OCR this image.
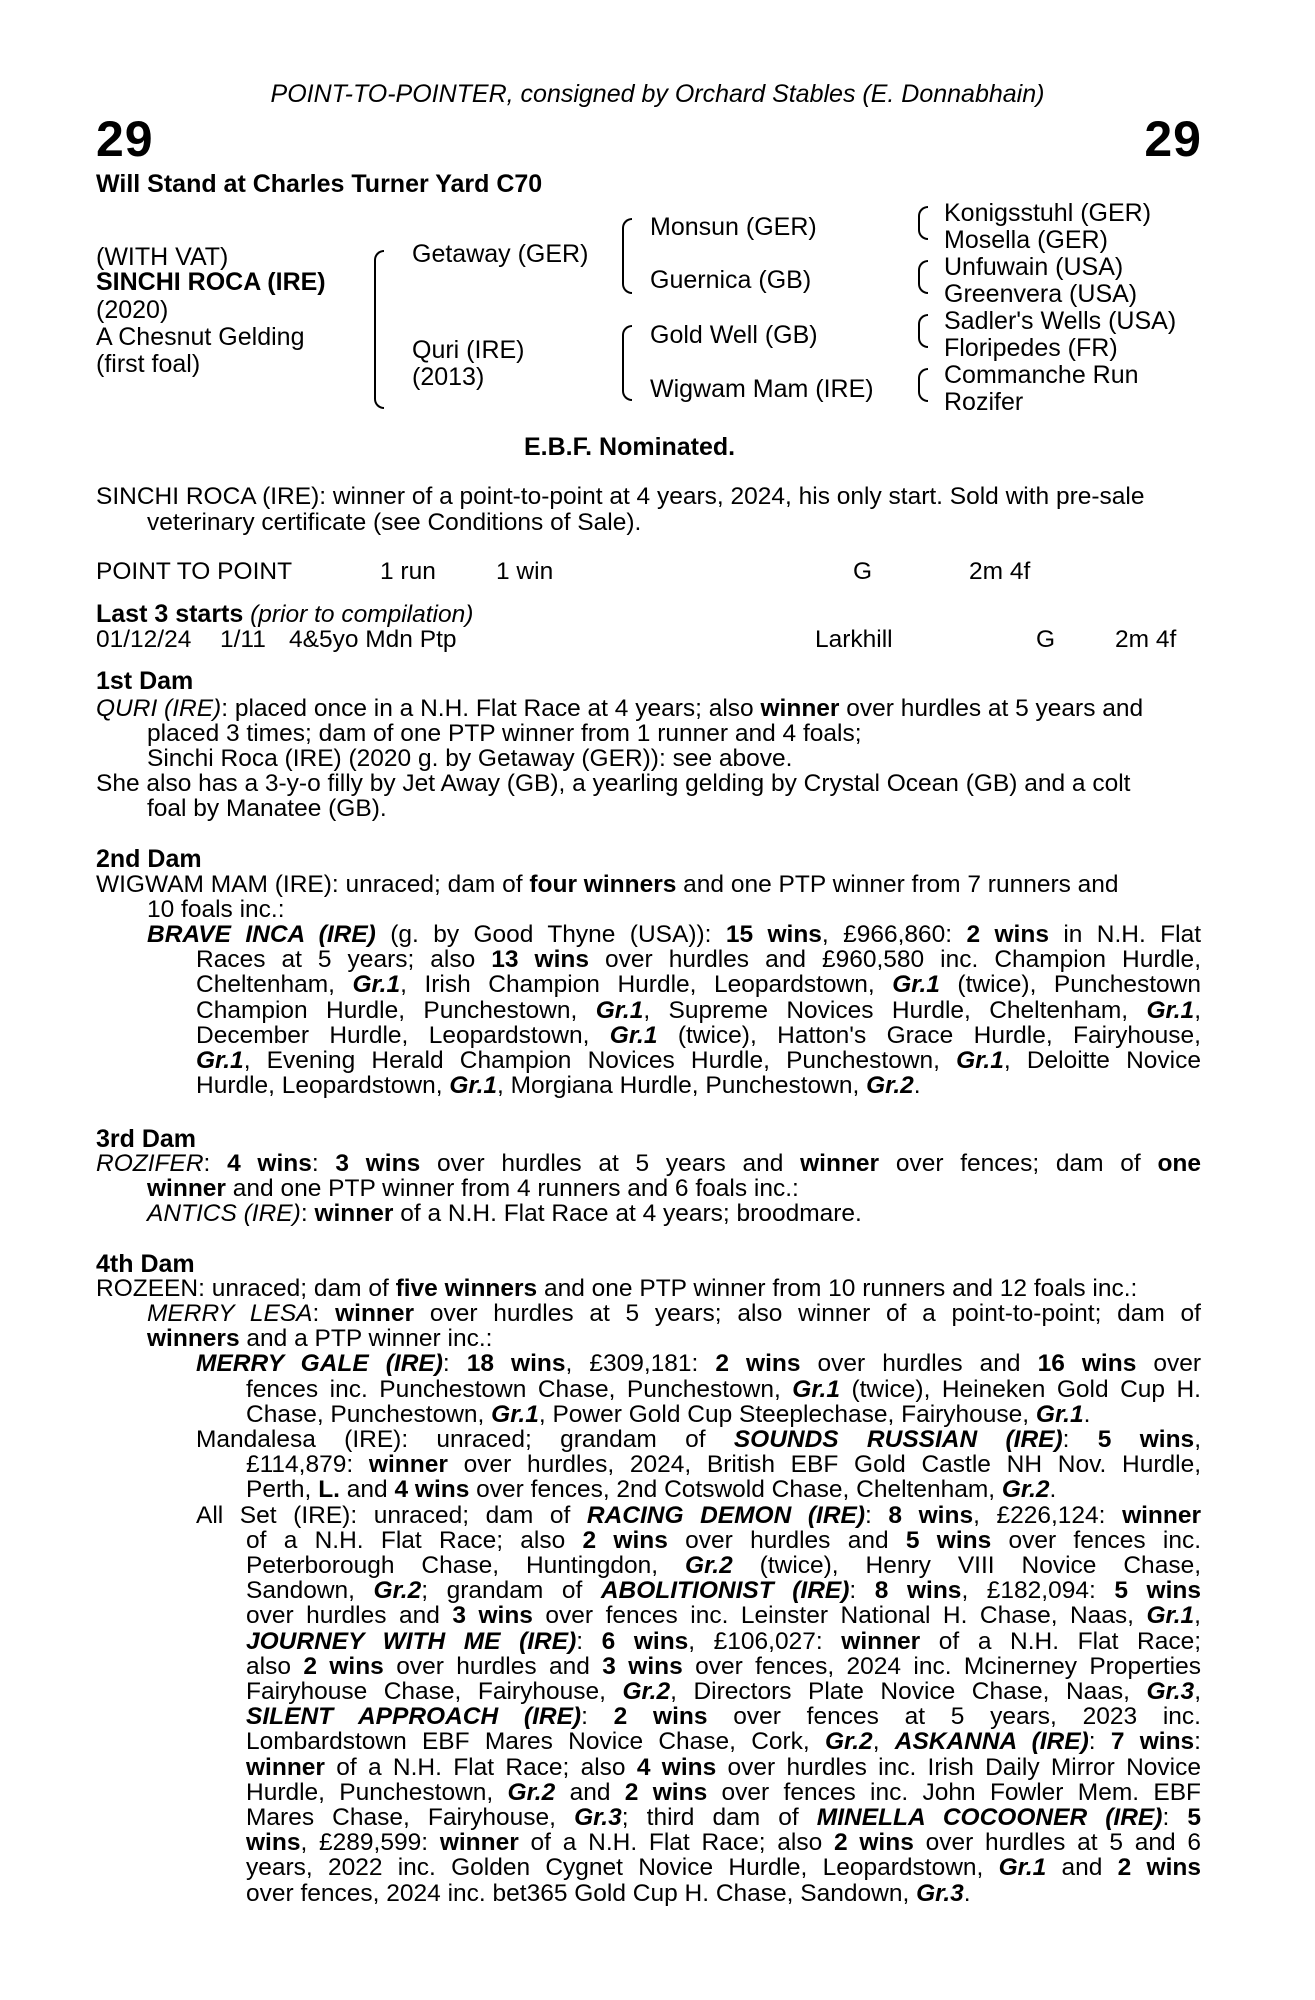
POINT-TO-POINTER, consigned by Orchard Stables (E. Donnabhain)
29	29
Will Stand at Charles Turner Yard C70
(WITH VAT)
SINCHI ROCA (IRE)
(2020)
A Chesnut Gelding
(first foal)
Getaway (GER)
Quri (IRE)
(2013)
Monsun (GER)
Guernica (GB)
Gold Well (GB)
Wigwam Mam (IRE)
Konigsstuhl (GER)
Mosella (GER)
Unfuwain (USA)
Greenvera (USA)
Sadler's Wells (USA)
Floripedes (FR)
Commanche Run
Rozifer
E.B.F. Nominated.
SINCHI ROCA (IRE): winner of a point-to-point at 4 years, 2024, his only start. Sold with pre-sale
veterinary certificate (see Conditions of Sale).
POINT TO POINT	1 run 1 win	G	2m 4f
Last 3 starts (prior to compilation)
01/12/24 1/11 4&5yo Mdn Ptp	Larkhill	G 2m 4f
1st Dam
QURI (IRE): placed once in a N.H. Flat Race at 4 years; also winner over hurdles at 5 years and
placed 3 times; dam of one PTP winner from 1 runner and 4 foals;
Sinchi Roca (IRE) (2020 g. by Getaway (GER)): see above.
She also has a 3-y-o filly by Jet Away (GB), a yearling gelding by Crystal Ocean (GB) and a colt
foal by Manatee (GB).
2nd Dam
WIGWAM MAM (IRE): unraced; dam of four winners and one PTP winner from 7 runners and
10 foals inc.:
BRAVE INCA (IRE) (g. by Good Thyne (USA)): 15 wins, £966,860: 2 wins in N.H. Flat
Races at 5 years; also 13 wins over hurdles and £960,580 inc. Champion Hurdle,
Cheltenham, Gr.1, Irish Champion Hurdle, Leopardstown, Gr.1 (twice), Punchestown
Champion Hurdle, Punchestown, Gr.1, Supreme Novices Hurdle, Cheltenham, Gr.1,
December Hurdle, Leopardstown, Gr.1 (twice), Hatton's Grace Hurdle, Fairyhouse,
Gr.1, Evening Herald Champion Novices Hurdle, Punchestown, Gr.1, Deloitte Novice
Hurdle, Leopardstown, Gr.1, Morgiana Hurdle, Punchestown, Gr.2.
3rd Dam
ROZIFER: 4 wins: 3 wins over hurdles at 5 years and winner over fences; dam of one
winner and one PTP winner from 4 runners and 6 foals inc.:
ANTICS (IRE): winner of a N.H. Flat Race at 4 years; broodmare.
4th Dam
ROZEEN: unraced; dam of five winners and one PTP winner from 10 runners and 12 foals inc.:
MERRY LESA: winner over hurdles at 5 years; also winner of a point-to-point; dam of
winners and a PTP winner inc.:
MERRY GALE (IRE): 18 wins, £309,181: 2 wins over hurdles and 16 wins over
fences inc. Punchestown Chase, Punchestown, Gr.1 (twice), Heineken Gold Cup H.
Chase, Punchestown, Gr.1, Power Gold Cup Steeplechase, Fairyhouse, Gr.1.
Mandalesa (IRE): unraced; grandam of SOUNDS RUSSIAN (IRE): 5 wins,
£114,879: winner over hurdles, 2024, British EBF Gold Castle NH Nov. Hurdle,
Perth, L. and 4 wins over fences, 2nd Cotswold Chase, Cheltenham, Gr.2.
All Set (IRE): unraced; dam of RACING DEMON (IRE): 8 wins, £226,124: winner
of a N.H. Flat Race; also 2 wins over hurdles and 5 wins over fences inc.
Peterborough Chase, Huntingdon, Gr.2 (twice), Henry VIII Novice Chase,
Sandown, Gr.2; grandam of ABOLITIONIST (IRE): 8 wins, £182,094: 5 wins
over hurdles and 3 wins over fences inc. Leinster National H. Chase, Naas, Gr.1,
JOURNEY WITH ME (IRE): 6 wins, £106,027: winner of a N.H. Flat Race;
also 2 wins over hurdles and 3 wins over fences, 2024 inc. Mcinerney Properties
Fairyhouse Chase, Fairyhouse, Gr.2, Directors Plate Novice Chase, Naas, Gr.3,
SILENT APPROACH (IRE): 2 wins over fences at 5 years, 2023 inc.
Lombardstown EBF Mares Novice Chase, Cork, Gr.2, ASKANNA (IRE): 7 wins:
winner of a N.H. Flat Race; also 4 wins over hurdles inc. Irish Daily Mirror Novice
Hurdle, Punchestown, Gr.2 and 2 wins over fences inc. John Fowler Mem. EBF
Mares Chase, Fairyhouse, Gr.3; third dam of MINELLA COCOONER (IRE): 5
wins, £289,599: winner of a N.H. Flat Race; also 2 wins over hurdles at 5 and 6
years, 2022 inc. Golden Cygnet Novice Hurdle, Leopardstown, Gr.1 and 2 wins
over fences, 2024 inc. bet365 Gold Cup H. Chase, Sandown, Gr.3.
